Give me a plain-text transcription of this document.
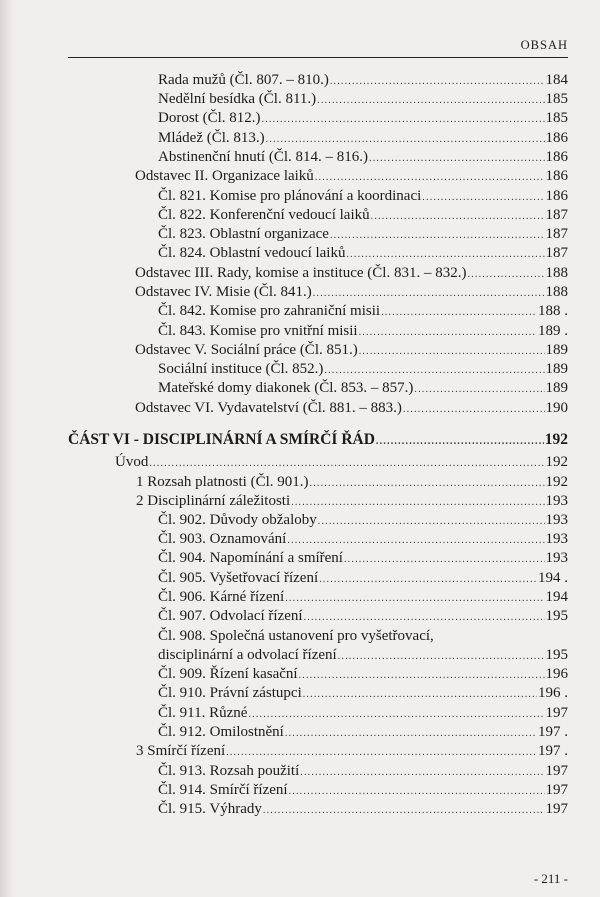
OBSAH
Rada mužů (Čl. 807. – 810.) .....	184
Nedělní besídka (Čl. 811.) .....	185
Dorost (Čl. 812.) .....	185
Mládež (Čl. 813.) .....	186
Abstinenční hnutí (Čl. 814. – 816.) .....	186
Odstavec II. Organizace laiků .....	186
Čl. 821. Komise pro plánování a koordinaci .....	186
Čl. 822. Konferenční vedoucí laiků .....	187
Čl. 823. Oblastní organizace .....	187
Čl. 824. Oblastní vedoucí laiků .....	187
Odstavec III. Rady, komise a instituce (Čl. 831. – 832.) .....	188
Odstavec IV. Misie (Čl. 841.) .....	188
Čl. 842. Komise pro zahraniční misii .....	188 .
Čl. 843. Komise pro vnitřní misii .....	189 .
Odstavec V. Sociální práce (Čl. 851.) .....	189
Sociální instituce (Čl. 852.) .....	189
Mateřské domy diakonek (Čl. 853. – 857.) .....	189
Odstavec VI. Vydavatelství (Čl. 881. – 883.) .....	190
ČÁST VI - DISCIPLINÁRNÍ A SMÍRČÍ ŘÁD .....	192
Úvod .....	192
1 Rozsah platnosti (Čl. 901.) .....	192
2 Disciplinární záležitosti .....	193
Čl. 902. Důvody obžaloby .....	193
Čl. 903. Oznamování .....	193
Čl. 904. Napomínání a smíření .....	193
Čl. 905. Vyšetřovací řízení .....	194 .
Čl. 906. Kárné řízení .....	194
Čl. 907. Odvolací řízení .....	195
Čl. 908. Společná ustanovení pro vyšetřovací,
disciplinární a odvolací řízení .....	195
Čl. 909. Řízení kasační .....	196
Čl. 910. Právní zástupci .....	196 .
Čl. 911. Různé .....	197
Čl. 912. Omilostnění .....	197 .
3 Smírčí řízení .....	197 .
Čl. 913. Rozsah použití .....	197
Čl. 914. Smírčí řízení .....	197
Čl. 915. Výhrady .....	197
- 211 -
